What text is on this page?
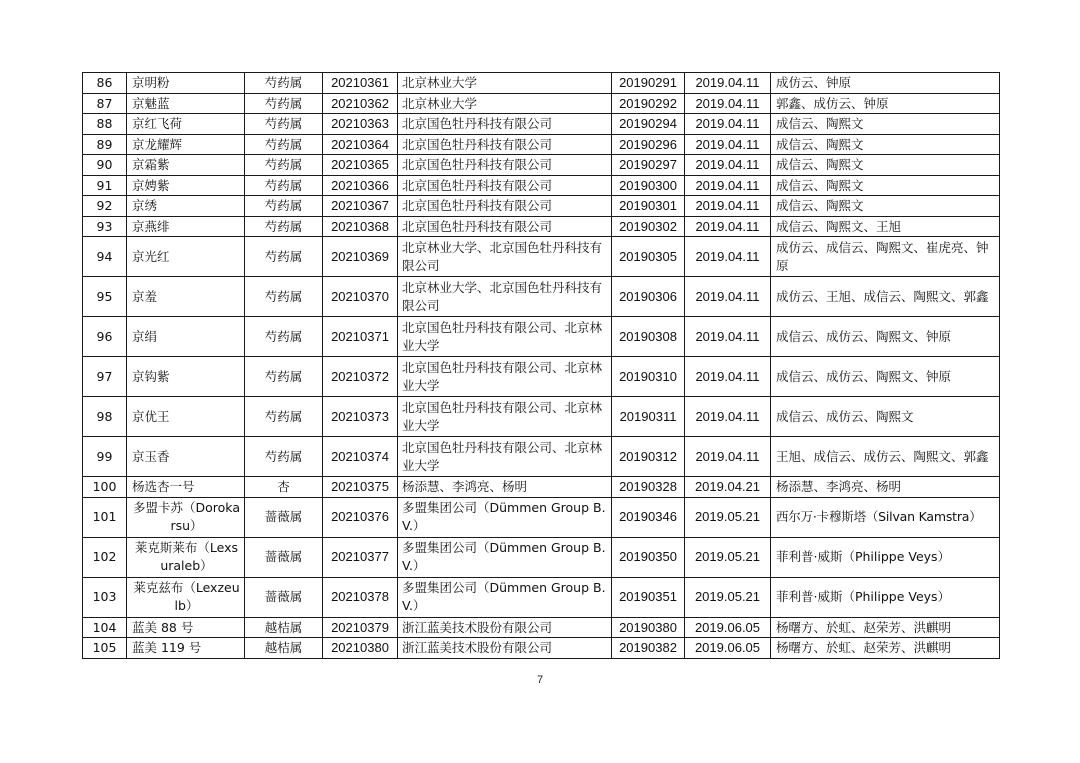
86	京明粉	芍药属	20210361	北京林业大学	20190291	2019.04.11	成仿云、钟原
87	京魅蓝	芍药属	20210362	北京林业大学	20190292	2019.04.11	郭鑫、成仿云、钟原
88	京红飞荷	芍药属	20210363	北京国色牡丹科技有限公司	20190294	2019.04.11	成信云、陶熙文
89	京龙耀辉	芍药属	20210364	北京国色牡丹科技有限公司	20190296	2019.04.11	成信云、陶熙文
90	京霜紫	芍药属	20210365	北京国色牡丹科技有限公司	20190297	2019.04.11	成信云、陶熙文
91	京娉紫	芍药属	20210366	北京国色牡丹科技有限公司	20190300	2019.04.11	成信云、陶熙文
92	京绣	芍药属	20210367	北京国色牡丹科技有限公司	20190301	2019.04.11	成信云、陶熙文
93	京燕绯	芍药属	20210368	北京国色牡丹科技有限公司	20190302	2019.04.11	成信云、陶熙文、王旭
94	京光红	芍药属	20210369	北京林业大学、北京国色牡丹科技有限公司	20190305	2019.04.11	成仿云、成信云、陶熙文、崔虎亮、钟原
95	京羞	芍药属	20210370	北京林业大学、北京国色牡丹科技有限公司	20190306	2019.04.11	成仿云、王旭、成信云、陶熙文、郭鑫
96	京绢	芍药属	20210371	北京国色牡丹科技有限公司、北京林业大学	20190308	2019.04.11	成信云、成仿云、陶熙文、钟原
97	京钩紫	芍药属	20210372	北京国色牡丹科技有限公司、北京林业大学	20190310	2019.04.11	成信云、成仿云、陶熙文、钟原
98	京优王	芍药属	20210373	北京国色牡丹科技有限公司、北京林业大学	20190311	2019.04.11	成信云、成仿云、陶熙文
99	京玉香	芍药属	20210374	北京国色牡丹科技有限公司、北京林业大学	20190312	2019.04.11	王旭、成信云、成仿云、陶熙文、郭鑫
100	杨选杏一号	杏	20210375	杨添慧、李鸿亮、杨明	20190328	2019.04.21	杨添慧、李鸿亮、杨明
101	多盟卡苏（Dorokarsu）	蔷薇属	20210376	多盟集团公司（Dümmen Group B.V.）	20190346	2019.05.21	西尔万·卡穆斯塔（Silvan Kamstra）
102	莱克斯莱布（Lexsuraleb）	蔷薇属	20210377	多盟集团公司（Dümmen Group B.V.）	20190350	2019.05.21	菲利普·威斯（Philippe Veys）
103	莱克兹布（Lexzeulb）	蔷薇属	20210378	多盟集团公司（Dümmen Group B.V.）	20190351	2019.05.21	菲利普·威斯（Philippe Veys）
104	蓝美 88 号	越桔属	20210379	浙江蓝美技术股份有限公司	20190380	2019.06.05	杨曙方、於虹、赵荣芳、洪麒明
105	蓝美 119 号	越桔属	20210380	浙江蓝美技术股份有限公司	20190382	2019.06.05	杨曙方、於虹、赵荣芳、洪麒明
7
